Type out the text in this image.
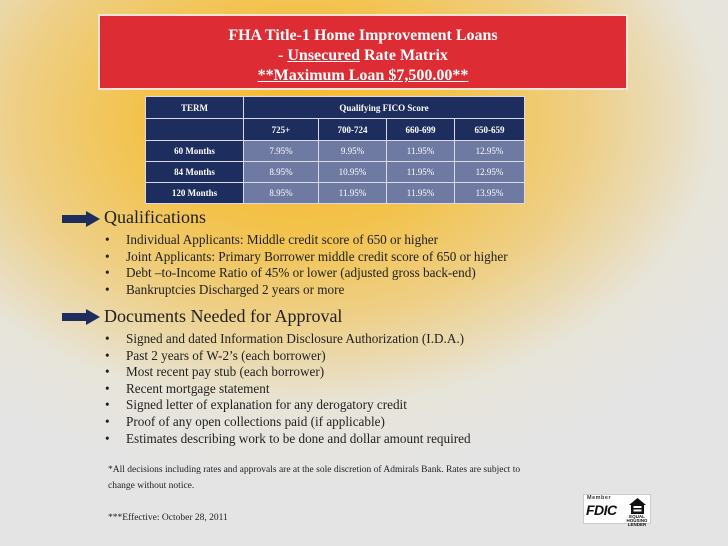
FHA Title-1 Home Improvement Loans
- Unsecured Rate Matrix
**Maximum Loan $7,500.00**
TERM	Qualifying FICO Score			
	725+	700-724	660-699	650-659
60 Months	7.95%	9.95%	11.95%	12.95%
84 Months	8.95%	10.95%	11.95%	12.95%
120 Months	8.95%	11.95%	11.95%	13.95%
Qualifications
• Individual Applicants: Middle credit score of 650 or higher
• Joint Applicants: Primary Borrower middle credit score of 650 or higher
• Debt –to-Income Ratio of 45% or lower (adjusted gross back-end)
• Bankruptcies Discharged 2 years or more
Documents Needed for Approval
• Signed and dated Information Disclosure Authorization (I.D.A.)
• Past 2 years of W-2’s (each borrower)
• Most recent pay stub (each borrower)
• Recent mortgage statement
• Signed letter of explanation for any derogatory credit
• Proof of any open collections paid (if applicable)
• Estimates describing work to be done and dollar amount required
*All decisions including rates and approvals are at the sole discretion of Admirals Bank. Rates are subject to change without notice.
***Effective: October 28, 2011
Member
FDIC	EQUAL HOUSING
LENDER
